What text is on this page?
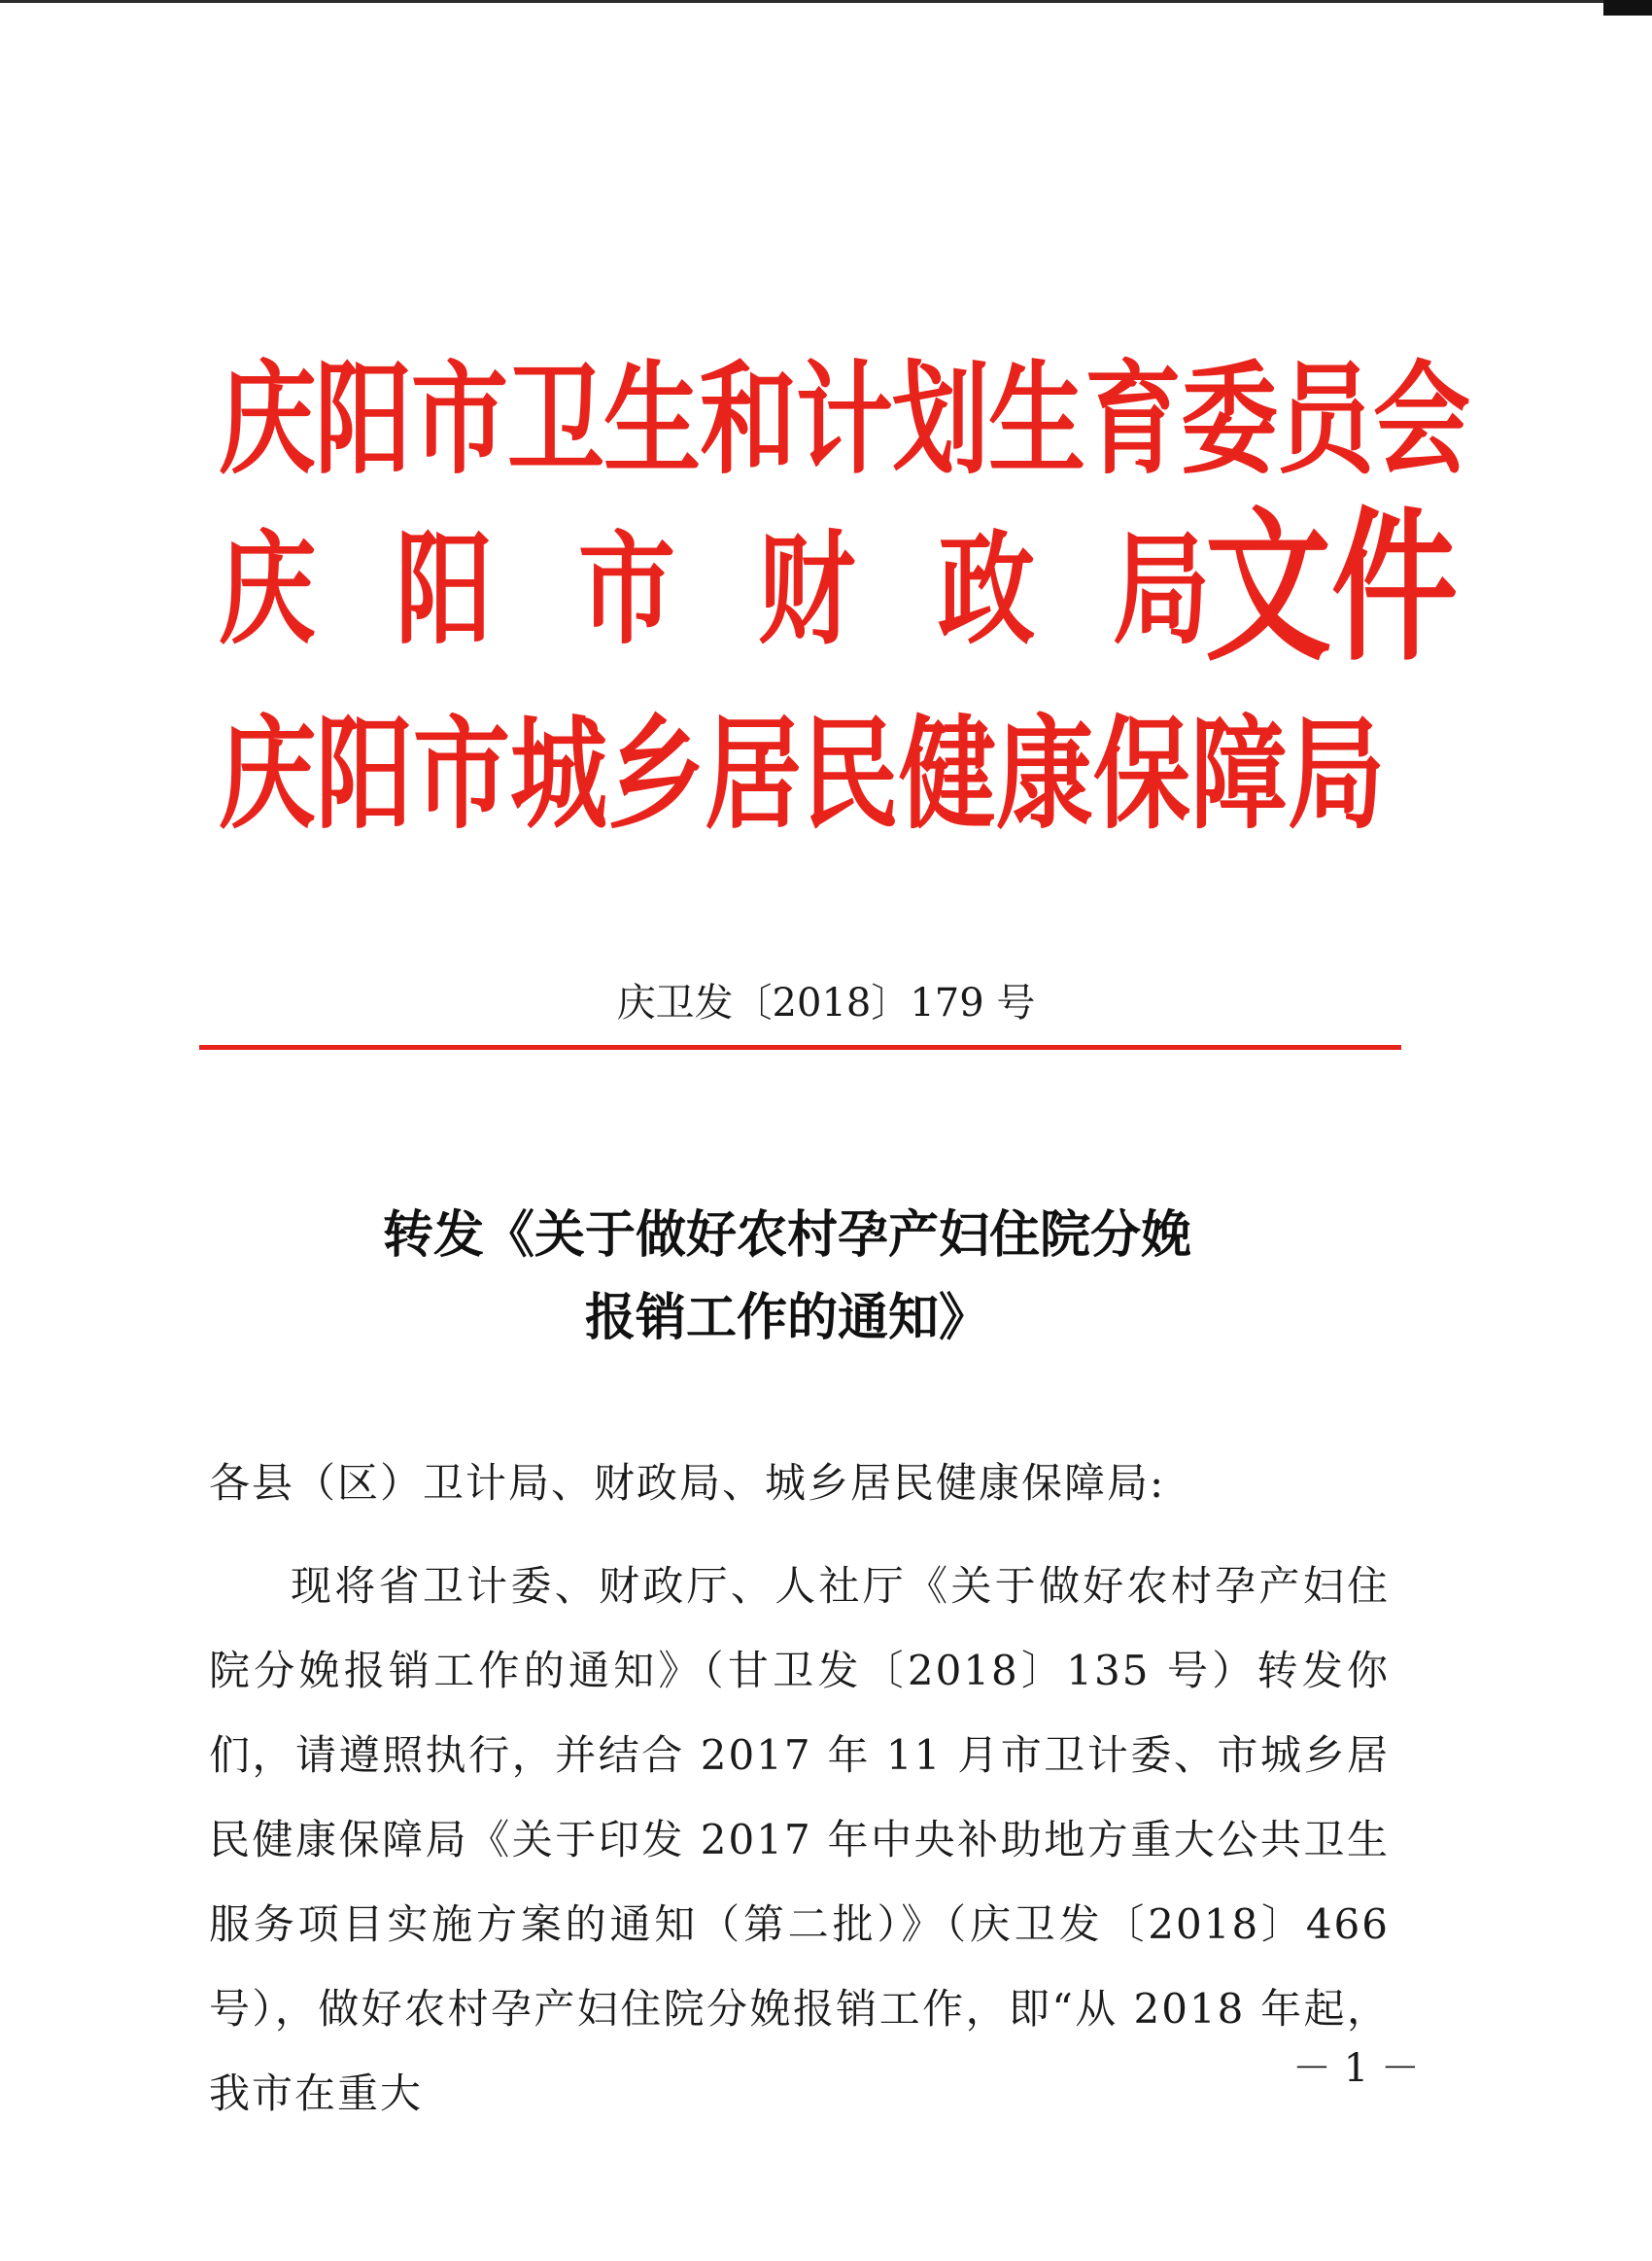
庆阳市卫生和计划生育委员会
庆 阳 市 财 政 局
文件
庆阳市城乡居民健康保障局
庆卫发〔2018〕179 号
转发《关于做好农村孕产妇住院分娩
报销工作的通知》
各县（区）卫计局、财政局、城乡居民健康保障局:

现将省卫计委、财政厅、人社厅《关于做好农村孕产妇住院分娩报销工作的通知》（甘卫发〔2018〕135 号）转发你们，请遵照执行，并结合 2017 年 11 月市卫计委、市城乡居民健康保障局《关于印发 2017 年中央补助地方重大公共卫生服务项目实施方案的通知（第二批）》（庆卫发〔2018〕466 号），做好农村孕产妇住院分娩报销工作，即“从 2018 年起，我市在重大

－ 1 －
